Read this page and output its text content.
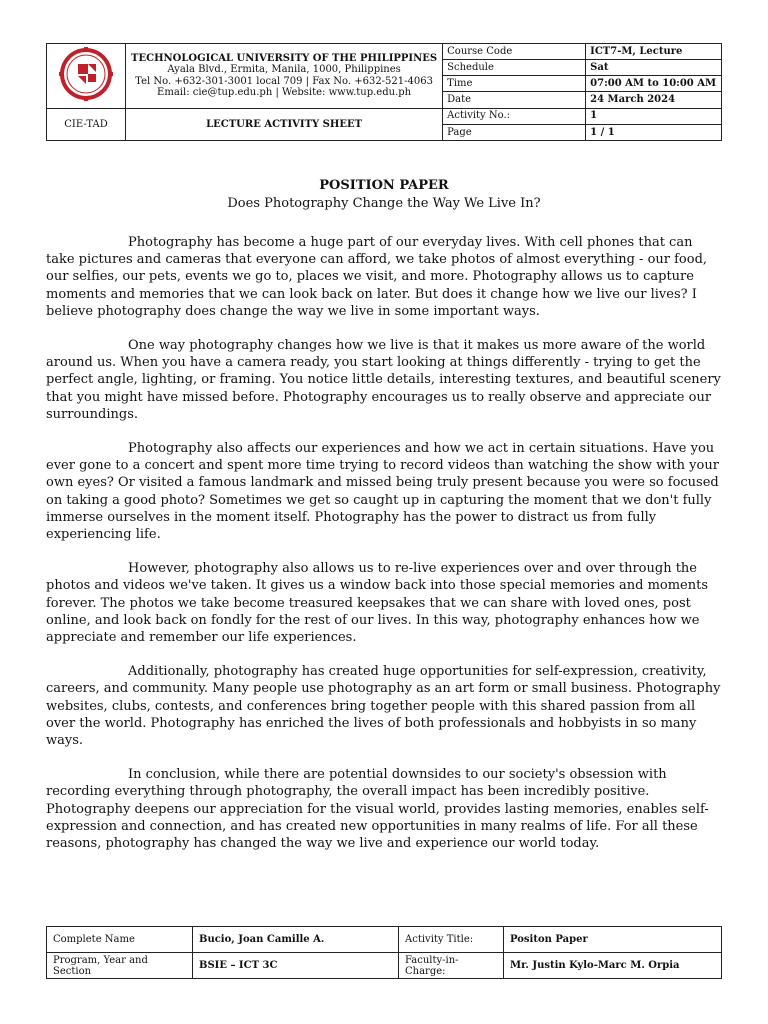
TECHNOLOGICAL UNIVERSITY OF THE PHILIPPINES
Ayala Blvd., Ermita, Manila, 1000, Philippines
Tel No. +632-301-3001 local 709 | Fax No. +632-521-4063
Email: cie@tup.edu.ph | Website: www.tup.edu.ph	Course Code	ICT7-M, Lecture
		Schedule	Sat
		Time	07:00 AM to 10:00 AM
		Date	24 March 2024
CIE-TAD	LECTURE ACTIVITY SHEET	Activity No.:	1
		Page	1 / 1
POSITION PAPER
Does Photography Change the Way We Live In?

Photography has become a huge part of our everyday lives. With cell phones that can take pictures and cameras that everyone can afford, we take photos of almost everything - our food, our selfies, our pets, events we go to, places we visit, and more. Photography allows us to capture moments and memories that we can look back on later. But does it change how we live our lives? I believe photography does change the way we live in some important ways.

One way photography changes how we live is that it makes us more aware of the world around us. When you have a camera ready, you start looking at things differently - trying to get the perfect angle, lighting, or framing. You notice little details, interesting textures, and beautiful scenery that you might have missed before. Photography encourages us to really observe and appreciate our surroundings.

Photography also affects our experiences and how we act in certain situations. Have you ever gone to a concert and spent more time trying to record videos than watching the show with your own eyes? Or visited a famous landmark and missed being truly present because you were so focused on taking a good photo? Sometimes we get so caught up in capturing the moment that we don't fully immerse ourselves in the moment itself. Photography has the power to distract us from fully experiencing life.

However, photography also allows us to re-live experiences over and over through the photos and videos we've taken. It gives us a window back into those special memories and moments forever. The photos we take become treasured keepsakes that we can share with loved ones, post online, and look back on fondly for the rest of our lives. In this way, photography enhances how we appreciate and remember our life experiences.

Additionally, photography has created huge opportunities for self-expression, creativity, careers, and community. Many people use photography as an art form or small business. Photography websites, clubs, contests, and conferences bring together people with this shared passion from all over the world. Photography has enriched the lives of both professionals and hobbyists in so many ways.

In conclusion, while there are potential downsides to our society's obsession with recording everything through photography, the overall impact has been incredibly positive. Photography deepens our appreciation for the visual world, provides lasting memories, enables self-expression and connection, and has created new opportunities in many realms of life. For all these reasons, photography has changed the way we live and experience our world today.

Complete Name	Bucio, Joan Camille A.	Activity Title:	Positon Paper
Program, Year and Section	BSIE – ICT 3C	Faculty-in-Charge:	Mr. Justin Kylo-Marc M. Orpia
